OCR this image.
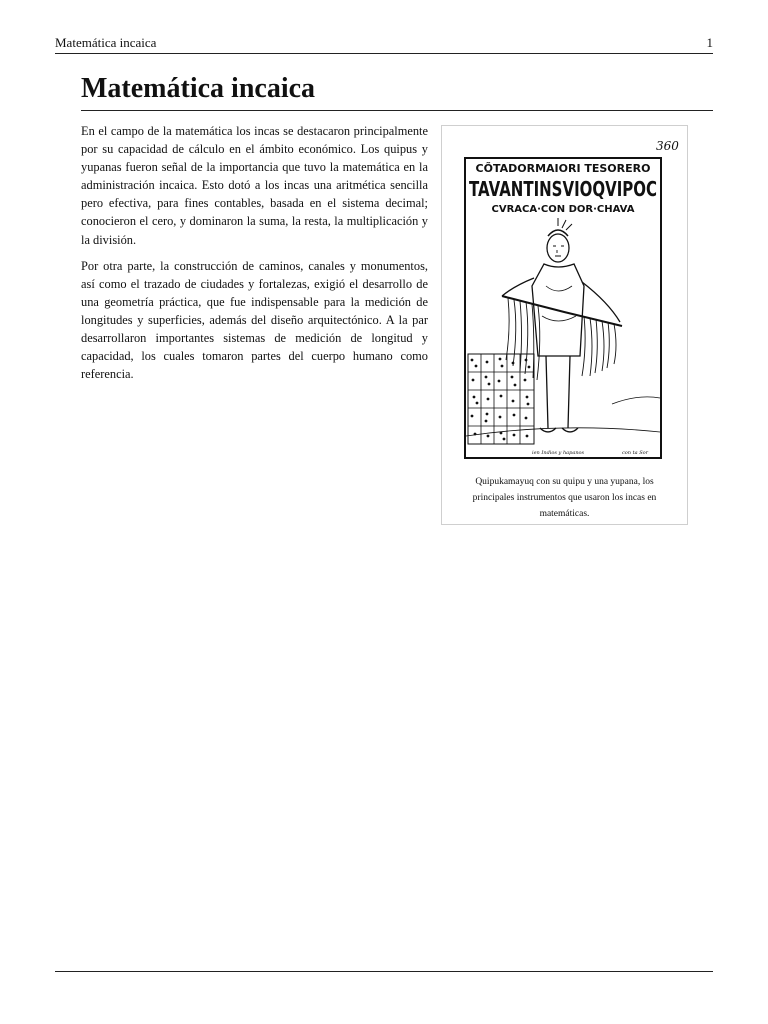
Matemática incaica	1
Matemática incaica

En el campo de la matemática los incas se destacaron principalmente por su capacidad de cálculo en el ámbito económico. Los quipus y yupanas fueron señal de la importancia que tuvo la matemática en la administración incaica. Esto dotó a los incas una aritmética sencilla pero efectiva, para fines contables, basada en el sistema decimal; conocieron el cero, y dominaron la suma, la resta, la multiplicación y la división.

Por otra parte, la construcción de caminos, canales y monumentos, así como el trazado de ciudades y fortalezas, exigió el desarrollo de una geometría práctica, que fue indispensable para la medición de longitudes y superficies, además del diseño arquitectónico. A la par desarrollaron importantes sistemas de medición de longitud y capacidad, los cuales tomaron partes del cuerpo humano como referencia.

360
CÕTADORMAIORI TESORERO
TAVANTINSVIOQVIPOC
CVRACA·CON DOR·CHAVA
ien Indios y hapanos	con ta Sor
Quipukamayuq con su quipu y una yupana, los principales instrumentos que usaron los incas en matemáticas.
